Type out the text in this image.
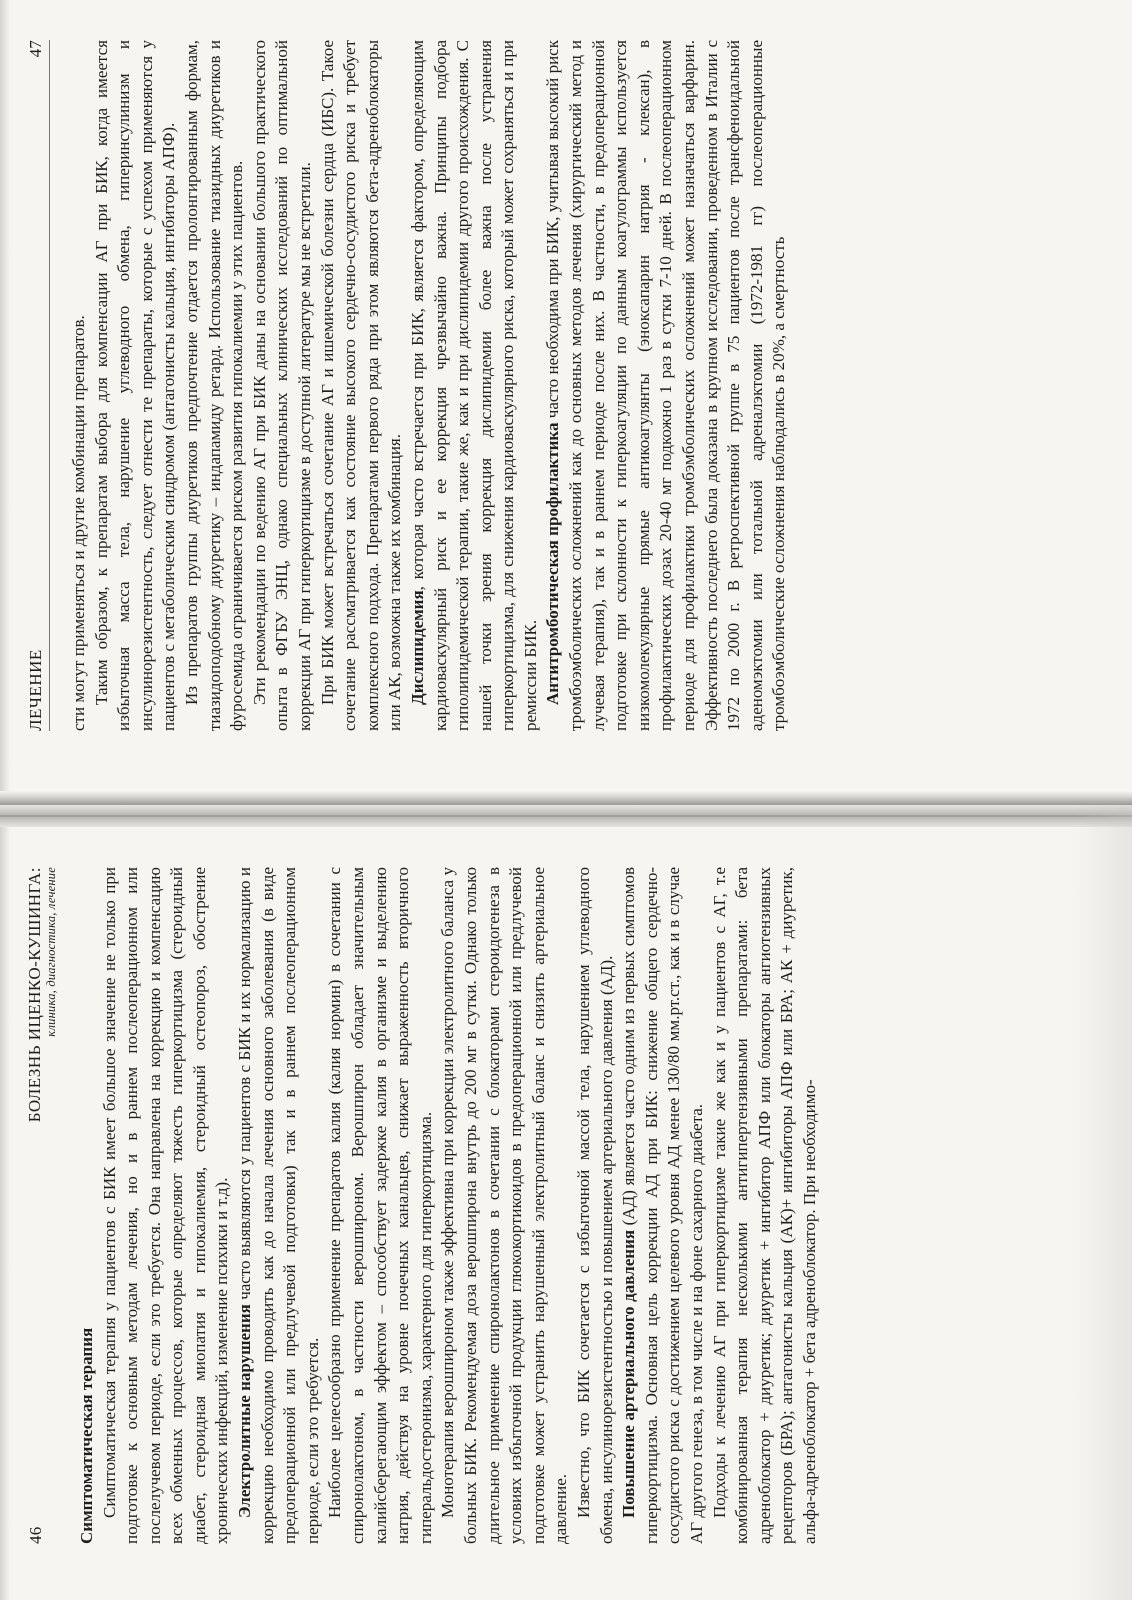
46
БОЛЕЗНЬ ИЦЕНКО-КУШИНГА: клиника, диагностика, лечение
Симптоматическая терапия Симптоматическая терапия у пациентов с БИК имеет большое значение не только при подготовке к основным методам лечения, но и в раннем послеоперационном или послелучевом периоде, если это требуется. Она направлена на коррекцию и компенсацию всех обменных процессов, которые определяют тяжесть гиперкортицизма (стероидный диабет, стероидная миопатия и гипокалиемия, стероидный остеопороз, обострение хронических инфекций, изменение психики и т.д). Электролитные нарушения часто выявляются у пациентов с БИК и их нормализацию и коррекцию необходимо проводить как до начала лечения основного заболевания (в виде предоперационной или предлучевой подготовки) так и в раннем послеоперационном периоде, если это требуется. Наиболее целесообразно применение препаратов калия (калия нормин) в сочетании с спиронолактоном, в частности верошпироном. Верошпирон обладает значительным калийсберегающим эффектом – способствует задержке калия в организме и выделению натрия, действуя на уровне почечных канальцев, снижает выраженность вторичного гиперальдостеронизма, характерного для гиперкортицизма. Монотерапия верошпироном также эффективна при коррекции электролитного баланса у больных БИК. Рекомендуемая доза верошпирона внутрь до 200 мг в сутки. Однако только длительное применение спиронолактонов в сочетании с блокаторами стероидогенеза в условиях избыточной продукции глюкокортикоидов в предоперационной или предлучевой подготовке может устранить нарушенный электролитный баланс и снизить артериальное давление. Известно, что БИК сочетается с избыточной массой тела, нарушением углеводного обмена, инсулинорезистентностью и повышением артериального давления (АД). Повышение артериального давления (АД) является часто одним из первых симптомов гиперкортицизма. Основная цель коррекции АД при БИК: снижение общего сердечно-сосудистого риска с достижением целевого уровня АД менее 130/80 мм.рт.ст., как и в случае АГ другого генеза, в том числе и на фоне сахарного диабета. Подходы к лечению АГ при гиперкортицизме такие же как и у пациентов с АГ, т.е комбинированная терапия несколькими антигипертензивными препаратами: бета адреноблокатор + диуретик; диуретик + ингибитор АПФ или блокаторы ангиотензивных рецепторов (БРА); антагонисты кальция (АК)+ ингибиторы АПФ или БРА; АК + диуретик, альфа-адреноблокатор + бета адреноблокатор. При необходимо-

ЛЕЧЕНИЕ
47

сти могут применяться и другие комбинации препаратов. Таким образом, к препаратам выбора для компенсации АГ при БИК, когда имеется избыточная масса тела, нарушение углеводного обмена, гиперинсулинизм и инсулинорезистентность, следует отнести те препараты, которые с успехом применяются у пациентов с метаболическим синдромом (антагонисты кальция, ингибиторы АПФ). Из препаратов группы диуретиков предпочтение отдается пролонгированным формам, тиазидоподобному диуретику – индапамиду ретард. Использование тиазидных диуретиков и фуросемида ограничивается риском развития гипокалиемии у этих пациентов. Эти рекомендации по ведению АГ при БИК даны на основании большого практического опыта в ФГБУ ЭНЦ, однако специальных клинических исследований по оптимальной коррекции АГ при гиперкортицизме в доступной литературе мы не встретили. При БИК может встречаться сочетание АГ и ишемической болезни сердца (ИБС). Такое сочетание рассматривается как состояние высокого сердечно-сосудистого риска и требует комплексного подхода. Препаратами первого ряда при этом являются бета-адреноблокаторы или АК, возможна также их комбинация. Дислипидемия, которая часто встречается при БИК, является фактором, определяющим кардиоваскулярный риск и ее коррекция чрезвычайно важна. Принципы подбора гиполипидемической терапии, такие же, как и при дислипидемии другого происхождения. С нашей точки зрения коррекция дислипидемии более важна после устранения гиперкортицизма, для снижения кардиоваскулярного риска, который может сохраняться и при ремиссии БИК. Антитромботическая профилактика часто необходима при БИК, учитывая высокий риск тромбоэмболических осложнений как до основных методов лечения (хирургический метод и лучевая терапия), так и в раннем периоде после них. В частности, в предоперационной подготовке при склонности к гиперкоагуляции по данным коагулограммы используется низкомолекулярные прямые антикоагулянты (эноксапарин натрия - клексан), в профилактических дозах 20-40 мг подкожно 1 раз в сутки 7-10 дней. В послеоперационном периоде для профилактики тромбэмболических осложнений может назначаться варфарин. Эффективность последнего была доказана в крупном исследовании, проведенном в Италии с 1972 по 2000 г. В ретроспективной группе в 75 пациентов после трансфеноидальной аденомэктомии или тотальной адреналэктомии (1972-1981 гг) послеоперационные тромбоэмболические осложнения наблюдались в 20%, а смертность
